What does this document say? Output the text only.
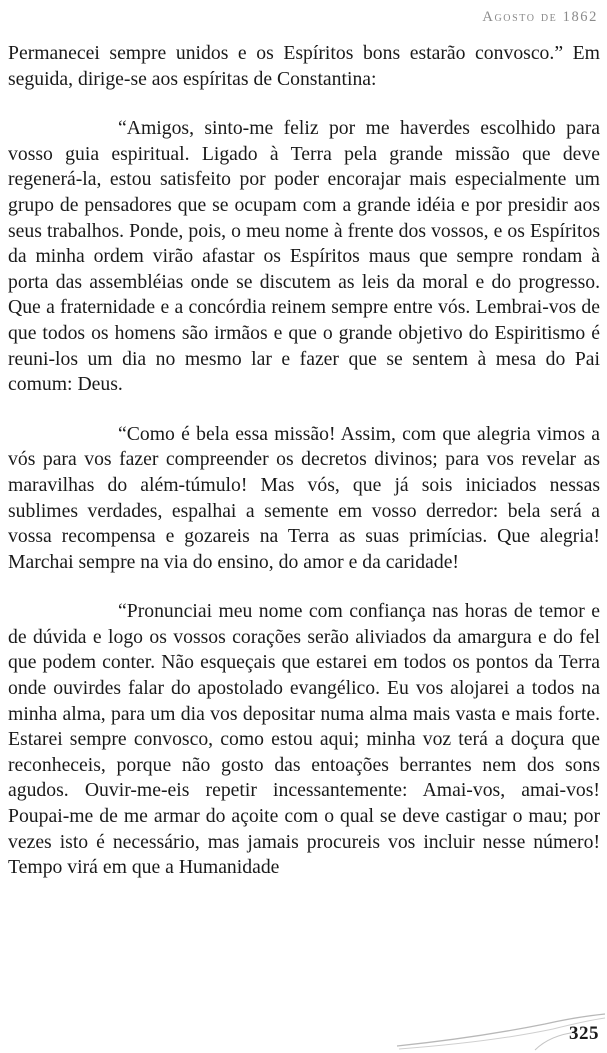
Agosto de 1862

Permanecei sempre unidos e os Espíritos bons estarão convosco.” Em seguida, dirige-se aos espíritas de Constantina:

“Amigos, sinto-me feliz por me haverdes escolhido para vosso guia espiritual. Ligado à Terra pela grande missão que deve regenerá-la, estou satisfeito por poder encorajar mais especialmente um grupo de pensadores que se ocupam com a grande idéia e por presidir aos seus trabalhos. Ponde, pois, o meu nome à frente dos vossos, e os Espíritos da minha ordem virão afastar os Espíritos maus que sempre rondam à porta das assembléias onde se discutem as leis da moral e do progresso. Que a fraternidade e a concórdia reinem sempre entre vós. Lembrai-vos de que todos os homens são irmãos e que o grande objetivo do Espiritismo é reuni-los um dia no mesmo lar e fazer que se sentem à mesa do Pai comum: Deus.

“Como é bela essa missão! Assim, com que alegria vimos a vós para vos fazer compreender os decretos divinos; para vos revelar as maravilhas do além-túmulo! Mas vós, que já sois iniciados nessas sublimes verdades, espalhai a semente em vosso derredor: bela será a vossa recompensa e gozareis na Terra as suas primícias. Que alegria! Marchai sempre na via do ensino, do amor e da caridade!

“Pronunciai meu nome com confiança nas horas de temor e de dúvida e logo os vossos corações serão aliviados da amargura e do fel que podem conter. Não esqueçais que estarei em todos os pontos da Terra onde ouvirdes falar do apostolado evangélico. Eu vos alojarei a todos na minha alma, para um dia vos depositar numa alma mais vasta e mais forte. Estarei sempre convosco, como estou aqui; minha voz terá a doçura que reconheceis, porque não gosto das entoações berrantes nem dos sons agudos. Ouvir-me-eis repetir incessantemente: Amai-vos, amai-vos! Poupai-me de me armar do açoite com o qual se deve castigar o mau; por vezes isto é necessário, mas jamais procureis vos incluir nesse número! Tempo virá em que a Humanidade

325
